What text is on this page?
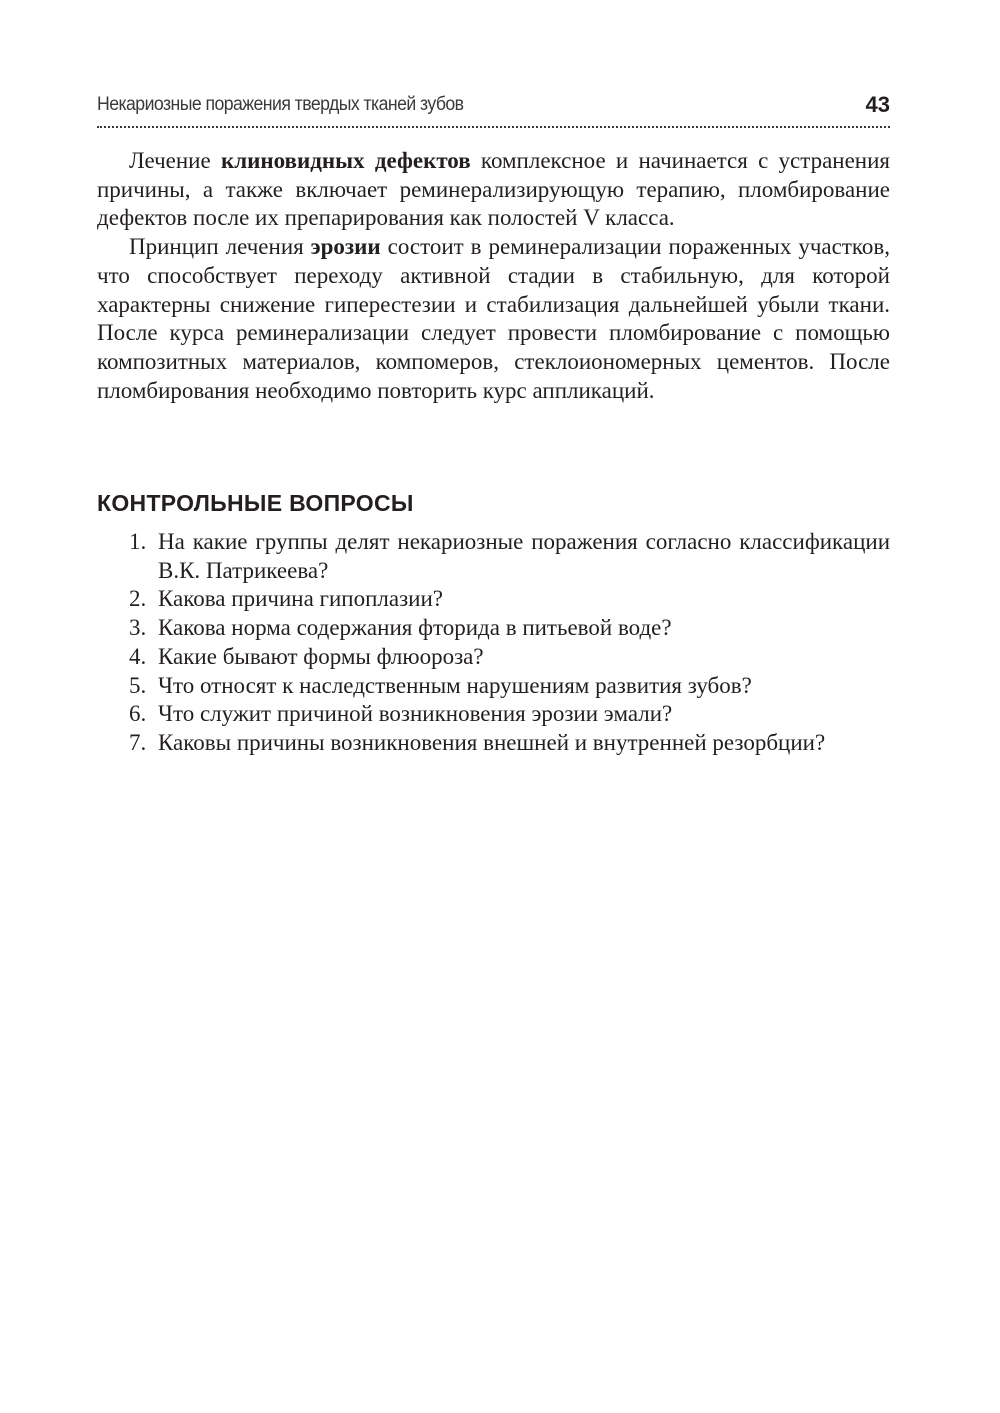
Некариозные поражения твердых тканей зубов	43

Лечение клиновидных дефектов комплексное и начинается с устранения причины, а также включает реминерализирующую терапию, пломбирование дефектов после их препарирования как полостей V класса.

Принцип лечения эрозии состоит в реминерализации пораженных участков, что способствует переходу активной стадии в стабильную, для которой характерны снижение гиперестезии и стабилизация дальнейшей убыли ткани. После курса реминерализации следует провести пломбирование с помощью композитных материалов, компомеров, стеклоиономерных цементов. После пломбирования необходимо повторить курс аппликаций.

КОНТРОЛЬНЫЕ ВОПРОСЫ
1. На какие группы делят некариозные поражения согласно классификации В.К. Патрикеева?
2. Какова причина гипоплазии?
3. Какова норма содержания фторида в питьевой воде?
4. Какие бывают формы флюороза?
5. Что относят к наследственным нарушениям развития зубов?
6. Что служит причиной возникновения эрозии эмали?
7. Каковы причины возникновения внешней и внутренней резорбции?
